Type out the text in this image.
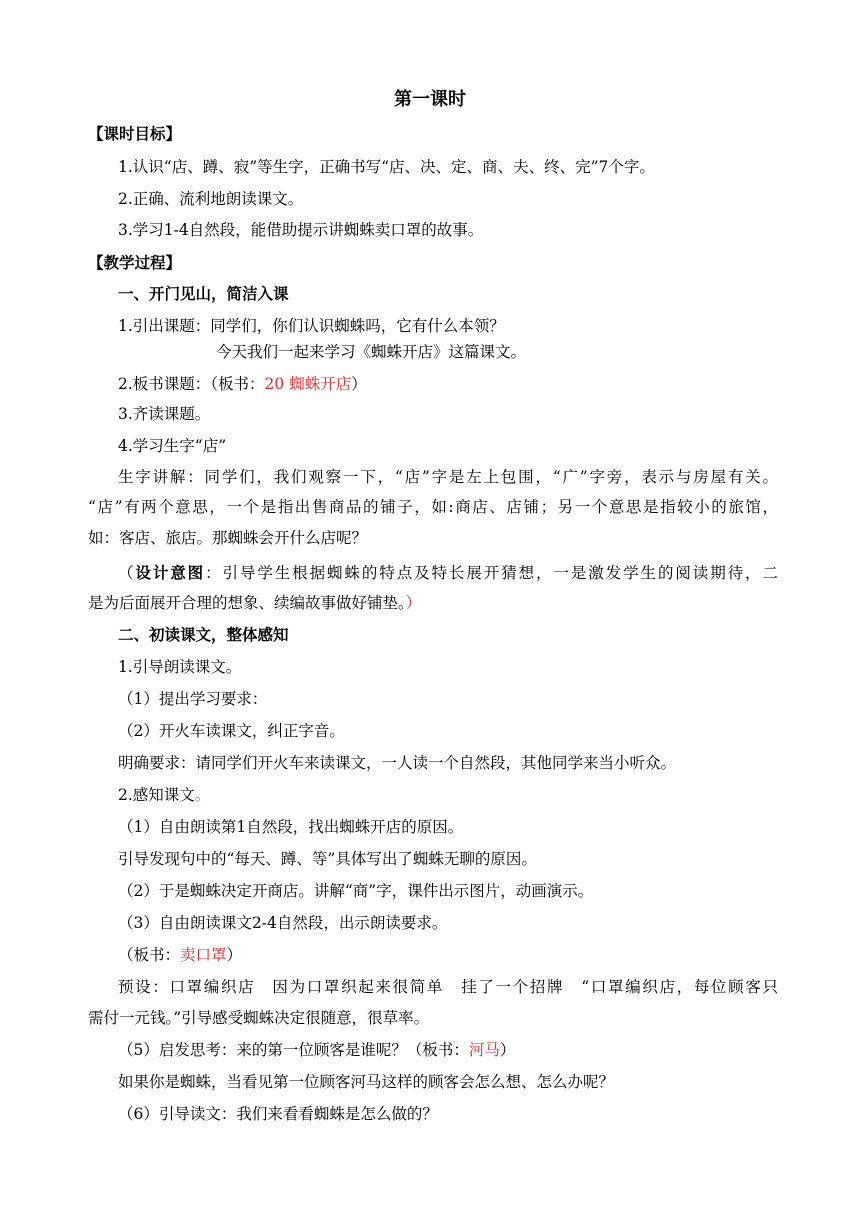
第一课时
【课时目标】
1.认识“店、蹲、寂”等生字，正确书写“店、决、定、商、夫、终、完”7个字。
2.正确、流利地朗读课文。
3.学习1-4自然段，能借助提示讲蜘蛛卖口罩的故事。
【教学过程】
一、开门见山，简洁入课
1.引出课题：同学们，你们认识蜘蛛吗，它有什么本领？
今天我们一起来学习《蜘蛛开店》这篇课文。
2.板书课题：（板书：20 蜘蛛开店）
3.齐读课题。
4.学习生字“店”
生字讲解：同学们，我们观察一下，“店”字是左上包围，“广”字旁，表示与房屋有关。
“店”有两个意思，一个是指出售商品的铺子，如:商店、店铺；另一个意思是指较小的旅馆，
如：客店、旅店。那蜘蛛会开什么店呢？
（设计意图：引导学生根据蜘蛛的特点及特长展开猜想，一是激发学生的阅读期待，二
是为后面展开合理的想象、续编故事做好铺垫。）
二、初读课文，整体感知
1.引导朗读课文。
（1）提出学习要求：
（2）开火车读课文，纠正字音。
明确要求：请同学们开火车来读课文，一人读一个自然段，其他同学来当小听众。
2.感知课文。
（1）自由朗读第1自然段，找出蜘蛛开店的原因。
引导发现句中的“每天、蹲、等”具体写出了蜘蛛无聊的原因。
（2）于是蜘蛛决定开商店。讲解“商”字，课件出示图片，动画演示。
（3）自由朗读课文2-4自然段，出示朗读要求。
（板书：卖口罩）
预设：口罩编织店　因为口罩织起来很简单　挂了一个招牌　“口罩编织店，每位顾客只
需付一元钱。”引导感受蜘蛛决定很随意，很草率。
（5）启发思考：来的第一位顾客是谁呢？（板书：河马）
如果你是蜘蛛，当看见第一位顾客河马这样的顾客会怎么想、怎么办呢？
（6）引导读文：我们来看看蜘蛛是怎么做的？
